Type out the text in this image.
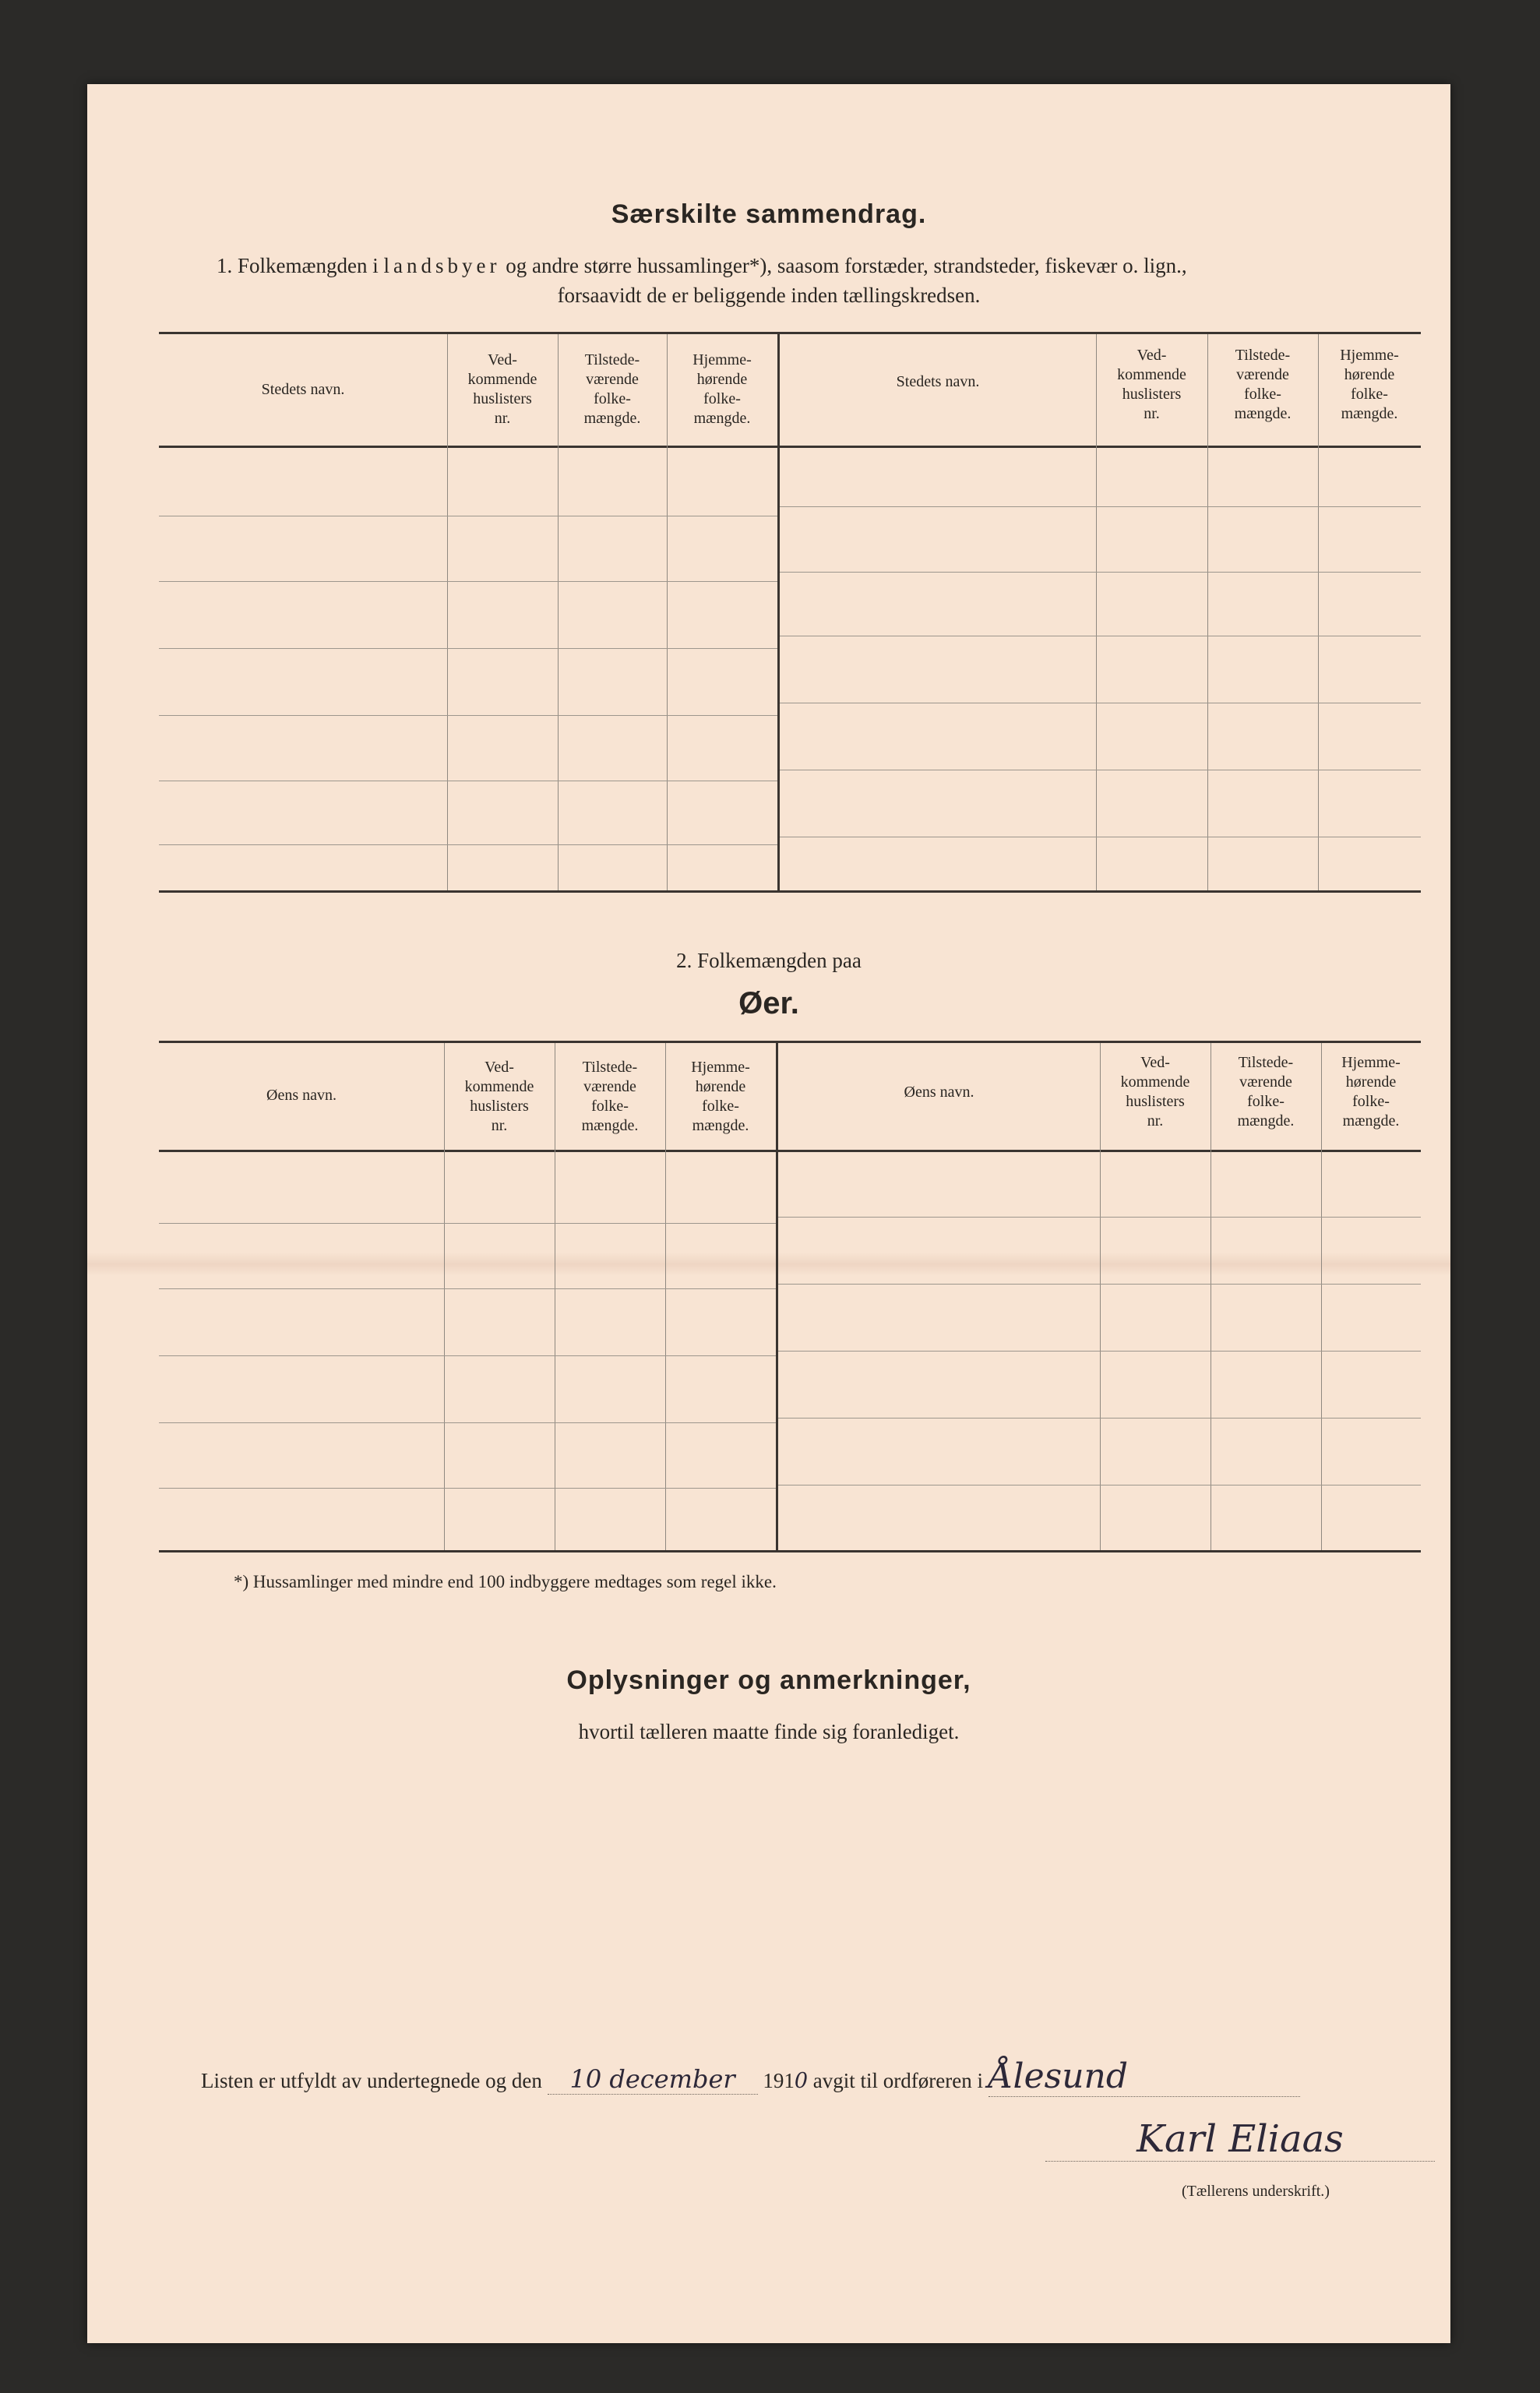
Særskilte sammendrag.
1. Folkemængden i landsbyer og andre større hussamlinger*), saasom forstæder, strandsteder, fiskevær o. lign.,
forsaavidt de er beliggende inden tællingskredsen.
Stedets navn.
Ved-
kommende
huslisters
nr.
Tilstede-
værende
folke-
mængde.
Hjemme-
hørende
folke-
mængde.
Stedets navn.
Ved-
kommende
huslisters
nr.
Tilstede-
værende
folke-
mængde.
Hjemme-
hørende
folke-
mængde.
2. Folkemængden paa
Øer.
Øens navn.
Ved-
kommende
huslisters
nr.
Tilstede-
værende
folke-
mængde.
Hjemme-
hørende
folke-
mængde.
Øens navn.
Ved-
kommende
huslisters
nr.
Tilstede-
værende
folke-
mængde.
Hjemme-
hørende
folke-
mængde.
*) Hussamlinger med mindre end 100 indbyggere medtages som regel ikke.
Oplysninger og anmerkninger,
hvortil tælleren maatte finde sig foranlediget.
Listen er utfyldt av undertegnede og den 10 december 1910 avgit til ordføreren i Ålesund
Karl Eliaas
(Tællerens underskrift.)
